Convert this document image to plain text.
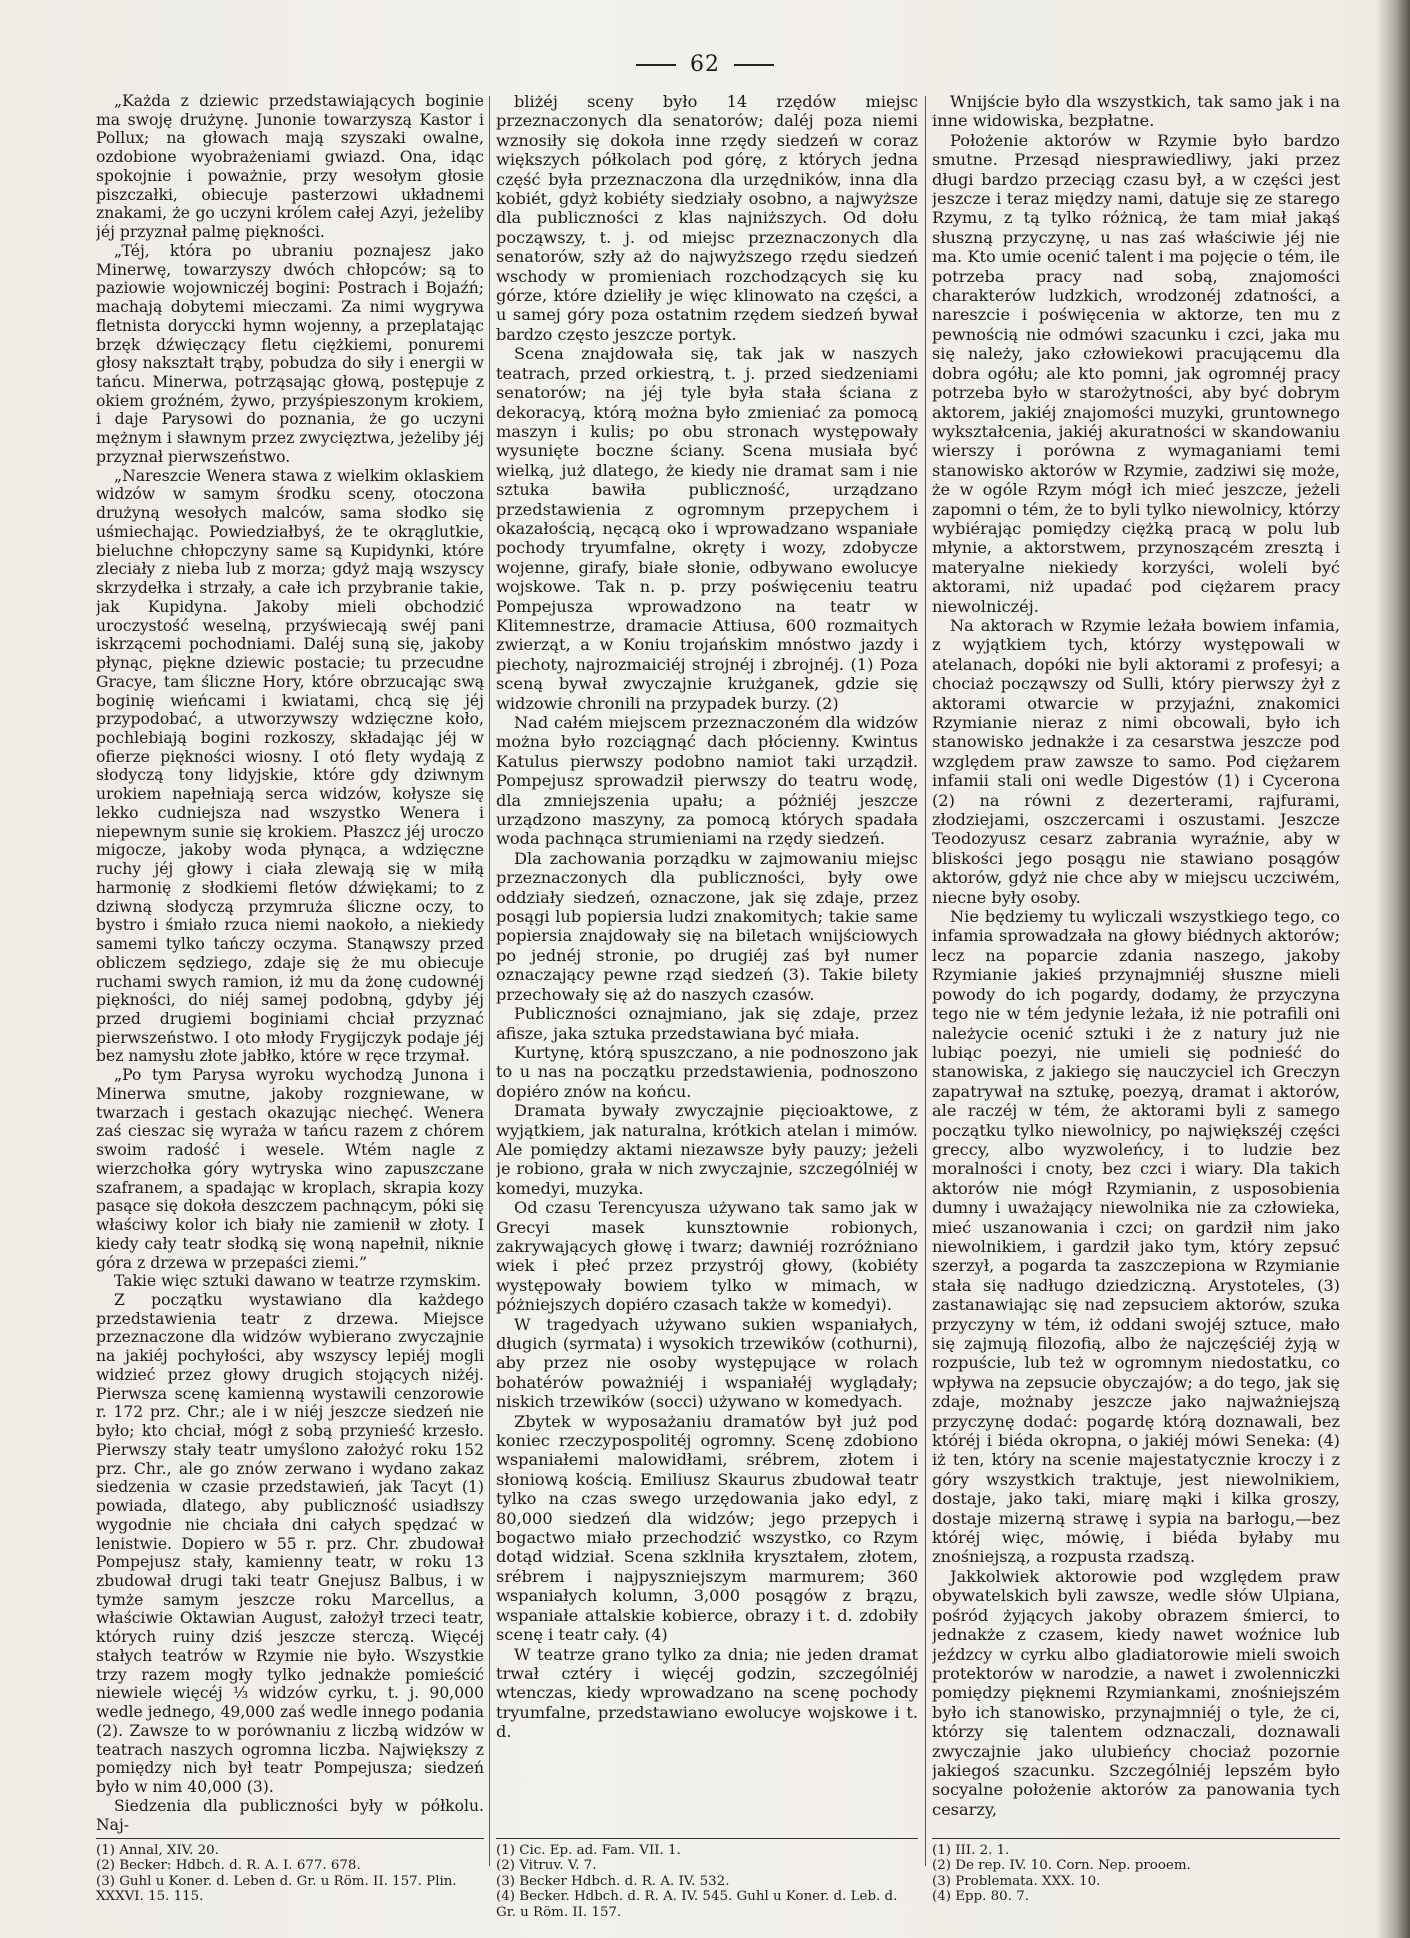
62

„Każda z dziewic przedstawiających boginie ma swoję drużynę. Junonie towarzyszą Kastor i Pollux; na głowach mają szyszaki owalne, ozdobione wyobrażeniami gwiazd. Ona, idąc spokojnie i poważnie, przy wesołym głosie piszczałki, obiecuje pasterzowi układnemi znakami, że go uczyni królem całej Azyi, jeżeliby jéj przyznał palmę piękności.

„Téj, która po ubraniu poznajesz jako Minerwę, towarzyszy dwóch chłopców; są to paziowie wojowniczéj bogini: Postrach i Bojaźń; machają dobytemi mieczami. Za nimi wygrywa fletnista doryccki hymn wojenny, a przeplatając brzęk dźwięczący fletu ciężkiemi, ponuremi głosy nakształt trąby, pobudza do siły i energii w tańcu. Minerwa, potrząsając głową, postępuje z okiem groźném, żywo, przyśpieszonym krokiem, i daje Parysowi do poznania, że go uczyni mężnym i sławnym przez zwycięztwa, jeżeliby jéj przyznał pierwszeństwo.

„Nareszcie Wenera stawa z wielkim oklaskiem widzów w samym środku sceny, otoczona drużyną wesołych malców, sama słodko się uśmiechając. Powiedziałbyś, że te okrąglutkie, bieluchne chłopczyny same są Kupidynki, które zleciały z nieba lub z morza; gdyż mają wszyscy skrzydełka i strzały, a całe ich przybranie takie, jak Kupidyna. Jakoby mieli obchodzić uroczystość weselną, przyświecają swéj pani iskrzącemi pochodniami. Daléj suną się, jakoby płynąc, piękne dziewic postacie; tu przecudne Gracye, tam śliczne Hory, które obrzucając swą boginię wieńcami i kwiatami, chcą się jéj przypodobać, a utworzywszy wdzięczne koło, pochlebiają bogini rozkoszy, składając jéj w ofierze piękności wiosny. I otó flety wydają z słodyczą tony lidyjskie, które gdy dziwnym urokiem napełniają serca widzów, kołysze się lekko cudniejsza nad wszystko Wenera i niepewnym sunie się krokiem. Płaszcz jéj uroczo migocze, jakoby woda płynąca, a wdzięczne ruchy jéj głowy i ciała zlewają się w miłą harmonię z słodkiemi fletów dźwiękami; to z dziwną słodyczą przymruża śliczne oczy, to bystro i śmiało rzuca niemi naokoło, a niekiedy samemi tylko tańczy oczyma. Stanąwszy przed obliczem sędziego, zdaje się że mu obiecuje ruchami swych ramion, iż mu da żonę cudownéj piękności, do niéj samej podobną, gdyby jéj przed drugiemi boginiami chciał przyznać pierwszeństwo. I oto młody Frygijczyk podaje jéj bez namysłu złote jabłko, które w ręce trzymał.

„Po tym Parysa wyroku wychodzą Junona i Minerwa smutne, jakoby rozgniewane, w twarzach i gestach okazując niechęć. Wenera zaś cieszac się wyraża w tańcu razem z chórem swoim radość i wesele. Wtém nagle z wierzchołka góry wytryska wino zapuszczane szafranem, a spadając w kroplach, skrapia kozy pasące się dokoła deszczem pachnącym, póki się właściwy kolor ich biały nie zamienił w złoty. I kiedy cały teatr słodką się woną napełnił, niknie góra z drzewa w przepaści ziemi.”

Takie więc sztuki dawano w teatrze rzymskim.

Z początku wystawiano dla każdego przedstawienia teatr z drzewa. Miejsce przeznaczone dla widzów wybierano zwyczajnie na jakiéj pochyłości, aby wszyscy lepiéj mogli widzieć przez głowy drugich stojących niżéj. Pierwsza scenę kamienną wystawili cenzorowie r. 172 prz. Chr.; ale i w niéj jeszcze siedzeń nie było; kto chciał, mógł z sobą przynieść krzesło. Pierwszy stały teatr umyślono założyć roku 152 prz. Chr., ale go znów zerwano i wydano zakaz siedzenia w czasie przedstawień, jak Tacyt (1) powiada, dlatego, aby publiczność usiadłszy wygodnie nie chciała dni całych spędzać w lenistwie. Dopiero w 55 r. prz. Chr. zbudował Pompejusz stały, kamienny teatr, w roku 13 zbudował drugi taki teatr Gnejusz Balbus, i w tymże samym jeszcze roku Marcellus, a właściwie Oktawian August, założył trzeci teatr, których ruiny dziś jeszcze sterczą. Więcéj stałych teatrów w Rzymie nie było. Wszystkie trzy razem mogły tylko jednakże pomieścić niewiele więcéj ⅓ widzów cyrku, t. j. 90,000 wedle jednego, 49,000 zaś wedle innego podania (2). Zawsze to w porównaniu z liczbą widzów w teatrach naszych ogromna liczba. Największy z pomiędzy nich był teatr Pompejusza; siedzeń było w nim 40,000 (3).

Siedzenia dla publiczności były w półkolu. Naj-

bliżéj sceny było 14 rzędów miejsc przeznaczonych dla senatorów; daléj poza niemi wznosiły się dokoła inne rzędy siedzeń w coraz większych półkolach pod górę, z których jedna część była przeznaczona dla urzędników, inna dla kobiét, gdyż kobiéty siedziały osobno, a najwyższe dla publiczności z klas najniższych. Od dołu począwszy, t. j. od miejsc przeznaczonych dla senatorów, szły aż do najwyższego rzędu siedzeń wschody w promieniach rozchodzących się ku górze, które dzieliły je więc klinowato na części, a u samej góry poza ostatnim rzędem siedzeń bywał bardzo często jeszcze portyk.

Scena znajdowała się, tak jak w naszych teatrach, przed orkiestrą, t. j. przed siedzeniami senatorów; na jéj tyle była stała ściana z dekoracyą, którą można było zmieniać za pomocą maszyn i kulis; po obu stronach występowały wysunięte boczne ściany. Scena musiała być wielką, już dlatego, że kiedy nie dramat sam i nie sztuka bawiła publiczność, urządzano przedstawienia z ogromnym przepychem i okazałością, nęcącą oko i wprowadzano wspaniałe pochody tryumfalne, okręty i wozy, zdobycze wojenne, girafy, białe słonie, odbywano ewolucye wojskowe. Tak n. p. przy poświęceniu teatru Pompejusza wprowadzono na teatr w Klitemnestrze, dramacie Attiusa, 600 rozmaitych zwierząt, a w Koniu trojańskim mnóstwo jazdy i piechoty, najrozmaiciéj strojnéj i zbrojnéj. (1) Poza sceną bywał zwyczajnie krużganek, gdzie się widzowie chronili na przypadek burzy. (2)

Nad całém miejscem przeznaczoném dla widzów można było rozciągnąć dach płócienny. Kwintus Katulus pierwszy podobno namiot taki urządził. Pompejusz sprowadził pierwszy do teatru wodę, dla zmniejszenia upału; a póżniéj jeszcze urządzono maszyny, za pomocą których spadała woda pachnąca strumieniami na rzędy siedzeń.

Dla zachowania porządku w zajmowaniu miejsc przeznaczonych dla publiczności, były owe oddziały siedzeń, oznaczone, jak się zdaje, przez posągi lub popiersia ludzi znakomitych; takie same popiersia znajdowały się na biletach wnijściowych po jednéj stronie, po drugiéj zaś był numer oznaczający pewne rząd siedzeń (3). Takie bilety przechowały się aż do naszych czasów.

Publiczności oznajmiano, jak się zdaje, przez afisze, jaka sztuka przedstawiana być miała.

Kurtynę, którą spuszczano, a nie podnoszono jak to u nas na początku przedstawienia, podnoszono dopiéro znów na końcu.

Dramata bywały zwyczajnie pięcioaktowe, z wyjątkiem, jak naturalna, krótkich atelan i mimów. Ale pomiędzy aktami niezawsze były pauzy; jeżeli je robiono, grała w nich zwyczajnie, szczególniéj w komedyi, muzyka.

Od czasu Terencyusza używano tak samo jak w Grecyi masek kunsztownie robionych, zakrywających głowę i twarz; dawniéj rozróżniano wiek i płeć przez przystrój głowy, (kobiéty występowały bowiem tylko w mimach, w póżniejszych dopiéro czasach także w komedyi).

W tragedyach używano sukien wspaniałych, długich (syrmata) i wysokich trzewików (cothurni), aby przez nie osoby występujące w rolach bohatérów poważniéj i wspaniałéj wyglądały; niskich trzewików (socci) używano w komedyach.

Zbytek w wyposażaniu dramatów był już pod koniec rzeczypospolitéj ogromny. Scenę zdobiono wspaniałemi malowidłami, srébrem, złotem i słoniową kością. Emiliusz Skaurus zbudował teatr tylko na czas swego urzędowania jako edyl, z 80,000 siedzeń dla widzów; jego przepych i bogactwo miało przechodzić wszystko, co Rzym dotąd widział. Scena szklniła kryształem, złotem, srébrem i najpyszniejszym marmurem; 360 wspaniałych kolumn, 3,000 posągów z brązu, wspaniałe attalskie kobierce, obrazy i t. d. zdobiły scenę i teatr cały. (4)

W teatrze grano tylko za dnia; nie jeden dramat trwał cztéry i więcéj godzin, szczególniéj wtenczas, kiedy wprowadzano na scenę pochody tryumfalne, przedstawiano ewolucye wojskowe i t. d.

Wnijście było dla wszystkich, tak samo jak i na inne widowiska, bezpłatne.

Położenie aktorów w Rzymie było bardzo smutne. Przesąd niesprawiedliwy, jaki przez długi bardzo przeciąg czasu był, a w części jest jeszcze i teraz między nami, datuje się ze starego Rzymu, z tą tylko różnicą, że tam miał jakąś słuszną przyczynę, u nas zaś właściwie jéj nie ma. Kto umie ocenić talent i ma pojęcie o tém, ile potrzeba pracy nad sobą, znajomości charakterów ludzkich, wrodzonéj zdatności, a nareszcie i poświęcenia w aktorze, ten mu z pewnością nie odmówi szacunku i czci, jaka mu się należy, jako człowiekowi pracującemu dla dobra ogółu; ale kto pomni, jak ogromnéj pracy potrzeba było w starożytności, aby być dobrym aktorem, jakiéj znajomości muzyki, gruntownego wykształcenia, jakiéj akuratności w skandowaniu wierszy i porówna z wymaganiami temi stanowisko aktorów w Rzymie, zadziwi się może, że w ogóle Rzym mógł ich mieć jeszcze, jeżeli zapomni o tém, że to byli tylko niewolnicy, którzy wybiérając pomiędzy ciężką pracą w polu lub młynie, a aktorstwem, przynoszącém zresztą i materyalne niekiedy korzyści, woleli być aktorami, niż upadać pod ciężarem pracy niewolniczéj.

Na aktorach w Rzymie leżała bowiem infamia, z wyjątkiem tych, którzy występowali w atelanach, dopóki nie byli aktorami z profesyi; a chociaż począwszy od Sulli, który pierwszy żył z aktorami otwarcie w przyjaźni, znakomici Rzymianie nieraz z nimi obcowali, było ich stanowisko jednakże i za cesarstwa jeszcze pod względem praw zawsze to samo. Pod ciężarem infamii stali oni wedle Digestów (1) i Cycerona (2) na równi z dezerterami, rajfurami, złodziejami, oszczercami i oszustami. Jeszcze Teodozyusz cesarz zabrania wyraźnie, aby w bliskości jego posągu nie stawiano posągów aktorów, gdyż nie chce aby w miejscu uczciwém, niecne były osoby.

Nie będziemy tu wyliczali wszystkiego tego, co infamia sprowadzała na głowy biédnych aktorów; lecz na poparcie zdania naszego, jakoby Rzymianie jakieś przynajmniéj słuszne mieli powody do ich pogardy, dodamy, że przyczyna tego nie w tém jedynie leżała, iż nie potrafili oni należycie ocenić sztuki i że z natury już nie lubiąc poezyi, nie umieli się podnieść do stanowiska, z jakiego się nauczyciel ich Greczyn zapatrywał na sztukę, poezyą, dramat i aktorów, ale raczéj w tém, że aktorami byli z samego początku tylko niewolnicy, po największéj części greccy, albo wyzwoleńcy, i to ludzie bez moralności i cnoty, bez czci i wiary. Dla takich aktorów nie mógł Rzymianin, z usposobienia dumny i uważający niewolnika nie za człowieka, mieć uszanowania i czci; on gardził nim jako niewolnikiem, i gardził jako tym, który zepsuć szerzył, a pogarda ta zaszczepiona w Rzymianie stała się nadługo dziedziczną. Arystoteles, (3) zastanawiając się nad zepsuciem aktorów, szuka przyczyny w tém, iż oddani swojéj sztuce, mało się zajmują filozofią, albo że najczęściéj żyją w rozpuście, lub też w ogromnym niedostatku, co wpływa na zepsucie obyczajów; a do tego, jak się zdaje, możnaby jeszcze jako najważniejszą przyczynę dodać: pogardę którą doznawali, bez któréj i biéda okropna, o jakiéj mówi Seneka: (4) iż ten, który na scenie majestatycznie kroczy i z góry wszystkich traktuje, jest niewolnikiem, dostaje, jako taki, miarę mąki i kilka groszy, dostaje mizerną strawę i sypia na barłogu,—bez któréj więc, mówię, i biéda byłaby mu znośniejszą, a rozpusta rzadszą.

Jakkolwiek aktorowie pod względem praw obywatelskich byli zawsze, wedle słów Ulpiana, pośród żyjących jakoby obrazem śmierci, to jednakże z czasem, kiedy nawet woźnice lub jeźdzcy w cyrku albo gladiatorowie mieli swoich protektorów w narodzie, a nawet i zwolenniczki pomiędzy pięknemi Rzymiankami, znośniejszém było ich stanowisko, przynajmniéj o tyle, że ci, którzy się talentem odznaczali, doznawali zwyczajnie jako ulubieńcy chociaż pozornie jakiegoś szacunku. Szczególniéj lepszém było socyalne położenie aktorów za panowania tych cesarzy,

(1) Annal, XIV. 20.
(2) Becker: Hdbch. d. R. A. I. 677. 678.
(3) Guhl u Koner. d. Leben d. Gr. u Röm. II. 157. Plin. XXXVI. 15. 115.
(1) Cic. Ep. ad. Fam. VII. 1.
(2) Vitruv. V. 7.
(3) Becker Hdbch. d. R. A. IV. 532.
(4) Becker. Hdbch. d. R. A. IV. 545. Guhl u Koner. d. Leb. d. Gr. u Röm. II. 157.
(1) III. 2. 1.
(2) De rep. IV. 10. Corn. Nep. prooem.
(3) Problemata. XXX. 10.
(4) Epp. 80. 7.
